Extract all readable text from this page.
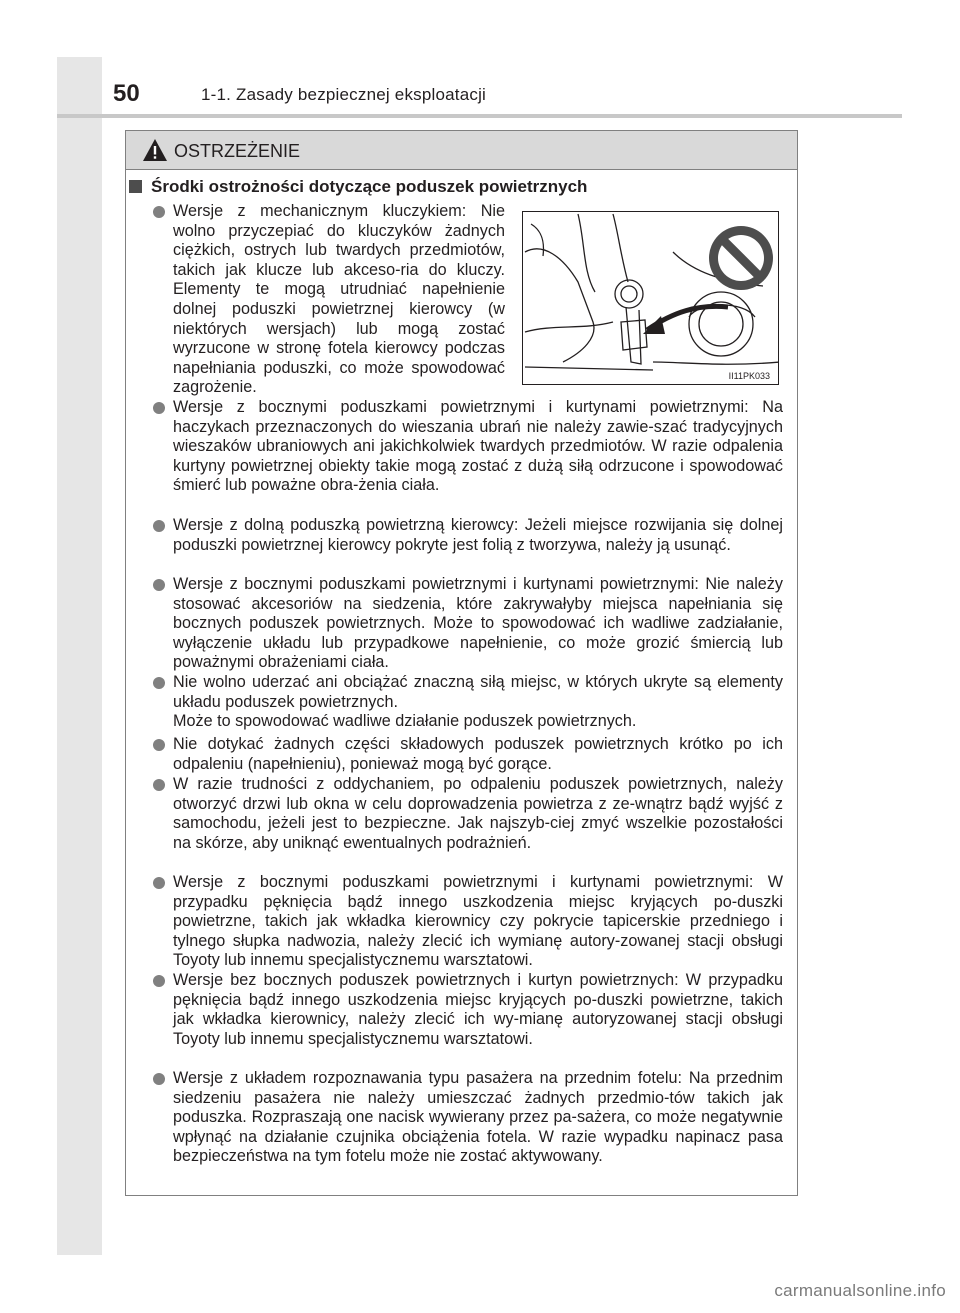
50	1-1. Zasady bezpiecznej eksploatacji
OSTRZEŻENIE
Środki ostrożności dotyczące poduszek powietrznych
Wersje z mechanicznym kluczykiem: Nie wolno przyczepiać do kluczyków żadnych ciężkich, ostrych lub twardych przedmiotów, takich jak klucze lub akceso-ria do kluczy. Elementy te mogą utrudniać napełnienie dolnej poduszki powietrznej kierowcy (w niektórych wersjach) lub mogą zostać wyrzucone w stronę fotela kierowcy podczas napełniania poduszki, co może spowodować zagrożenie.
II11PK033
Wersje z bocznymi poduszkami powietrznymi i kurtynami powietrznymi: Na haczykach przeznaczonych do wieszania ubrań nie należy zawie-szać tradycyjnych wieszaków ubraniowych ani jakichkolwiek twardych przedmiotów. W razie odpalenia kurtyny powietrznej obiekty takie mogą zostać z dużą siłą odrzucone i spowodować śmierć lub poważne obra-żenia ciała.
Wersje z dolną poduszką powietrzną kierowcy: Jeżeli miejsce rozwijania się dolnej poduszki powietrznej kierowcy pokryte jest folią z tworzywa, należy ją usunąć.
Wersje z bocznymi poduszkami powietrznymi i kurtynami powietrznymi: Nie należy stosować akcesoriów na siedzenia, które zakrywałyby miejsca napełniania się bocznych poduszek powietrznych. Może to spowodować ich wadliwe zadziałanie, wyłączenie układu lub przypadkowe napełnienie, co może grozić śmiercią lub poważnymi obrażeniami ciała.
Nie wolno uderzać ani obciążać znaczną siłą miejsc, w których ukryte są elementy układu poduszek powietrznych.
Może to spowodować wadliwe działanie poduszek powietrznych.
Nie dotykać żadnych części składowych poduszek powietrznych krótko po ich odpaleniu (napełnieniu), ponieważ mogą być gorące.
W razie trudności z oddychaniem, po odpaleniu poduszek powietrznych, należy otworzyć drzwi lub okna w celu doprowadzenia powietrza z ze-wnątrz bądź wyjść z samochodu, jeżeli jest to bezpieczne. Jak najszyb-ciej zmyć wszelkie pozostałości na skórze, aby uniknąć ewentualnych podrażnień.
Wersje z bocznymi poduszkami powietrznymi i kurtynami powietrznymi: W przypadku pęknięcia bądź innego uszkodzenia miejsc kryjących po-duszki powietrzne, takich jak wkładka kierownicy czy pokrycie tapicerskie przedniego i tylnego słupka nadwozia, należy zlecić ich wymianę autory-zowanej stacji obsługi Toyoty lub innemu specjalistycznemu warsztatowi.
Wersje bez bocznych poduszek powietrznych i kurtyn powietrznych: W przypadku pęknięcia bądź innego uszkodzenia miejsc kryjących po-duszki powietrzne, takich jak wkładka kierownicy, należy zlecić ich wy-mianę autoryzowanej stacji obsługi Toyoty lub innemu specjalistycznemu warsztatowi.
Wersje z układem rozpoznawania typu pasażera na przednim fotelu: Na przednim siedzeniu pasażera nie należy umieszczać żadnych przedmio-tów takich jak poduszka. Rozpraszają one nacisk wywierany przez pa-sażera, co może negatywnie wpłynąć na działanie czujnika obciążenia fotela. W razie wypadku napinacz pasa bezpieczeństwa na tym fotelu może nie zostać aktywowany.
carmanualsonline.info
